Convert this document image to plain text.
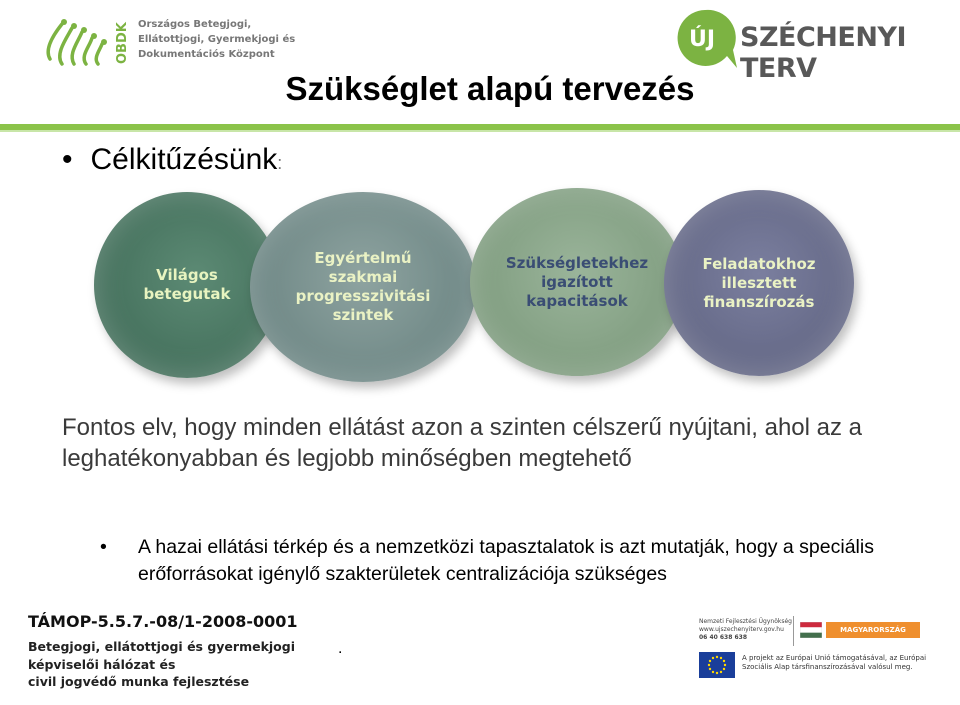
OBDK Országos Betegjogi,
Ellátottjogi, Gyermekjogi és
Dokumentációs Központ
ÚJ SZÉCHENYI TERV
Szükséglet alapú tervezés
• Célkitűzésünk:
Világos
betegutak
Egyértelmű
szakmai
progresszivitási
szintek
Szükségletekhez
igazított
kapacitások
Feladatokhoz
illesztett
finanszírozás
Fontos elv, hogy minden ellátást azon a szinten célszerű nyújtani, ahol az a leghatékonyabban és legjobb minőségben megtehető
• A hazai ellátási térkép és a nemzetközi tapasztalatok is azt mutatják, hogy a speciális erőforrásokat igénylő szakterületek centralizációja szükséges
TÁMOP-5.5.7.-08/1-2008-0001
Betegjogi, ellátottjogi és gyermekjogi
képviselői hálózat és
civil jogvédő munka fejlesztése
.
Nemzeti Fejlesztési Ügynökség
www.ujszechenyiterv.gov.hu
06 40 638 638
MAGYARORSZÁG MEGÚJUL
A projekt az Európai Unió támogatásával, az Európai Szociális Alap társfinanszírozásával valósul meg.
